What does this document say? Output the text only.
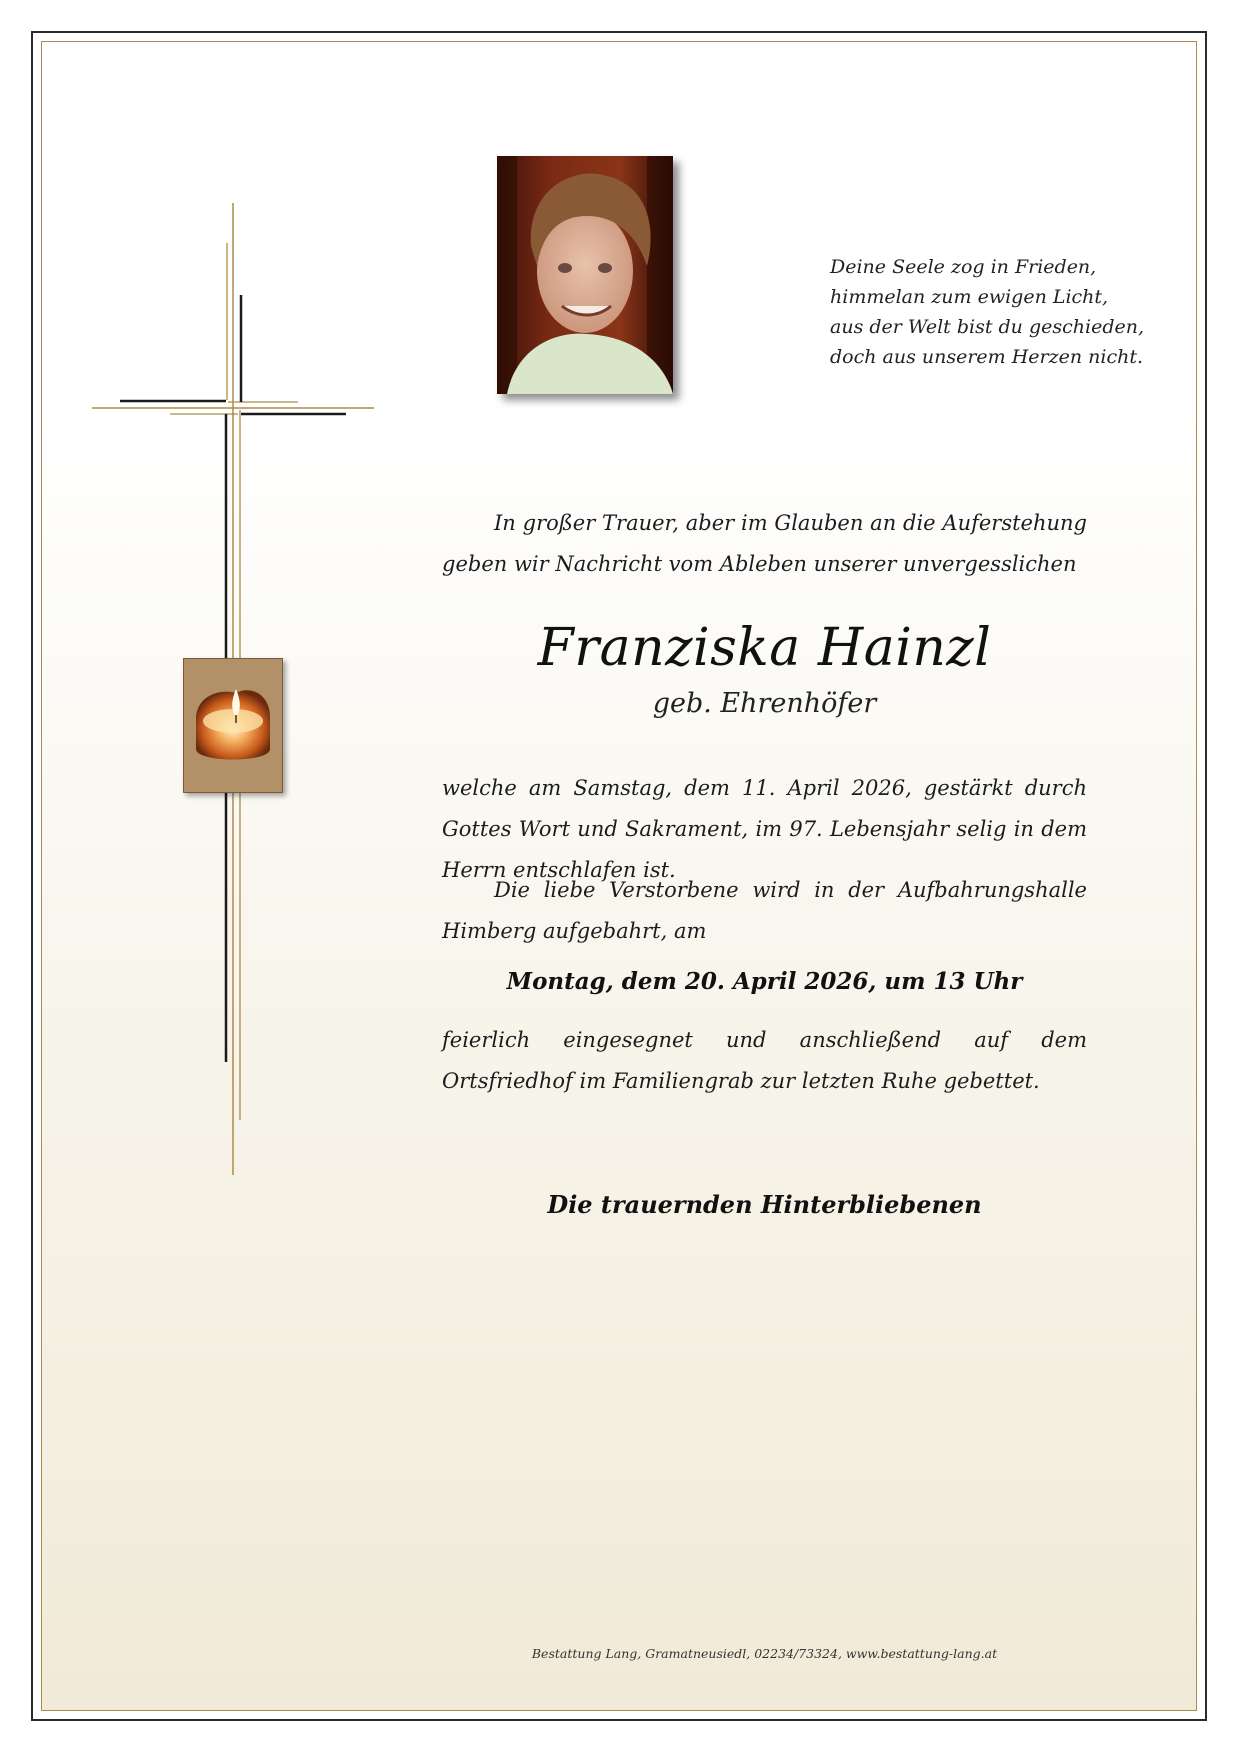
Deine Seele zog in Frieden,
himmelan zum ewigen Licht,
aus der Welt bist du geschieden,
doch aus unserem Herzen nicht.
In großer Trauer, aber im Glauben an die Auferstehung geben wir Nachricht vom Ableben unserer unvergesslichen
Franziska Hainzl
geb. Ehrenhöfer
welche am Samstag, dem 11. April 2026, gestärkt durch Gottes Wort und Sakrament, im 97. Lebensjahr selig in dem Herrn entschlafen ist.
Die liebe Verstorbene wird in der Aufbahrungshalle Himberg aufgebahrt, am
Montag, dem 20. April 2026, um 13 Uhr
feierlich eingesegnet und anschließend auf dem Ortsfriedhof im Familiengrab zur letzten Ruhe gebettet.
Die trauernden Hinterbliebenen
Bestattung Lang, Gramatneusiedl, 02234/73324, www.bestattung-lang.at
